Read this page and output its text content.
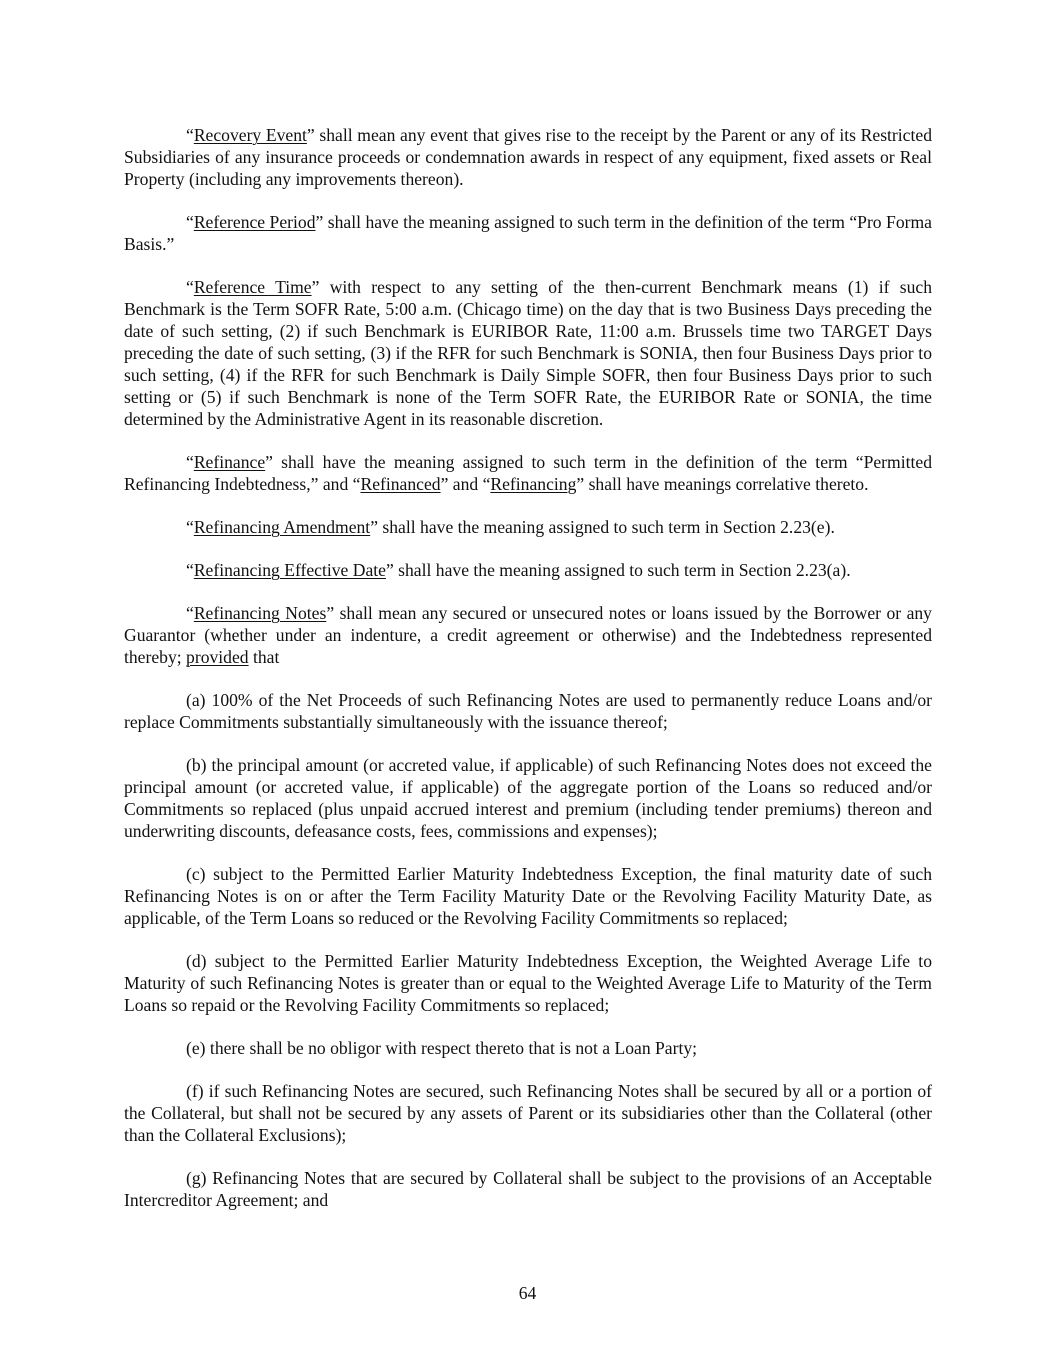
“Recovery Event” shall mean any event that gives rise to the receipt by the Parent or any of its Restricted Subsidiaries of any insurance proceeds or condemnation awards in respect of any equipment, fixed assets or Real Property (including any improvements thereon).

“Reference Period” shall have the meaning assigned to such term in the definition of the term “Pro Forma Basis.”

“Reference Time” with respect to any setting of the then-current Benchmark means (1) if such Benchmark is the Term SOFR Rate, 5:00 a.m. (Chicago time) on the day that is two Business Days preceding the date of such setting, (2) if such Benchmark is EURIBOR Rate, 11:00 a.m. Brussels time two TARGET Days preceding the date of such setting, (3) if the RFR for such Benchmark is SONIA, then four Business Days prior to such setting, (4) if the RFR for such Benchmark is Daily Simple SOFR, then four Business Days prior to such setting or (5) if such Benchmark is none of the Term SOFR Rate, the EURIBOR Rate or SONIA, the time determined by the Administrative Agent in its reasonable discretion.

“Refinance” shall have the meaning assigned to such term in the definition of the term “Permitted Refinancing Indebtedness,” and “Refinanced” and “Refinancing” shall have meanings correlative thereto.

“Refinancing Amendment” shall have the meaning assigned to such term in Section 2.23(e).

“Refinancing Effective Date” shall have the meaning assigned to such term in Section 2.23(a).

“Refinancing Notes” shall mean any secured or unsecured notes or loans issued by the Borrower or any Guarantor (whether under an indenture, a credit agreement or otherwise) and the Indebtedness represented thereby; provided that

(a) 100% of the Net Proceeds of such Refinancing Notes are used to permanently reduce Loans and/or replace Commitments substantially simultaneously with the issuance thereof;

(b) the principal amount (or accreted value, if applicable) of such Refinancing Notes does not exceed the principal amount (or accreted value, if applicable) of the aggregate portion of the Loans so reduced and/or Commitments so replaced (plus unpaid accrued interest and premium (including tender premiums) thereon and underwriting discounts, defeasance costs, fees, commissions and expenses);

(c) subject to the Permitted Earlier Maturity Indebtedness Exception, the final maturity date of such Refinancing Notes is on or after the Term Facility Maturity Date or the Revolving Facility Maturity Date, as applicable, of the Term Loans so reduced or the Revolving Facility Commitments so replaced;

(d) subject to the Permitted Earlier Maturity Indebtedness Exception, the Weighted Average Life to Maturity of such Refinancing Notes is greater than or equal to the Weighted Average Life to Maturity of the Term Loans so repaid or the Revolving Facility Commitments so replaced;

(e) there shall be no obligor with respect thereto that is not a Loan Party;

(f) if such Refinancing Notes are secured, such Refinancing Notes shall be secured by all or a portion of the Collateral, but shall not be secured by any assets of Parent or its subsidiaries other than the Collateral (other than the Collateral Exclusions);

(g) Refinancing Notes that are secured by Collateral shall be subject to the provisions of an Acceptable Intercreditor Agreement; and

64
